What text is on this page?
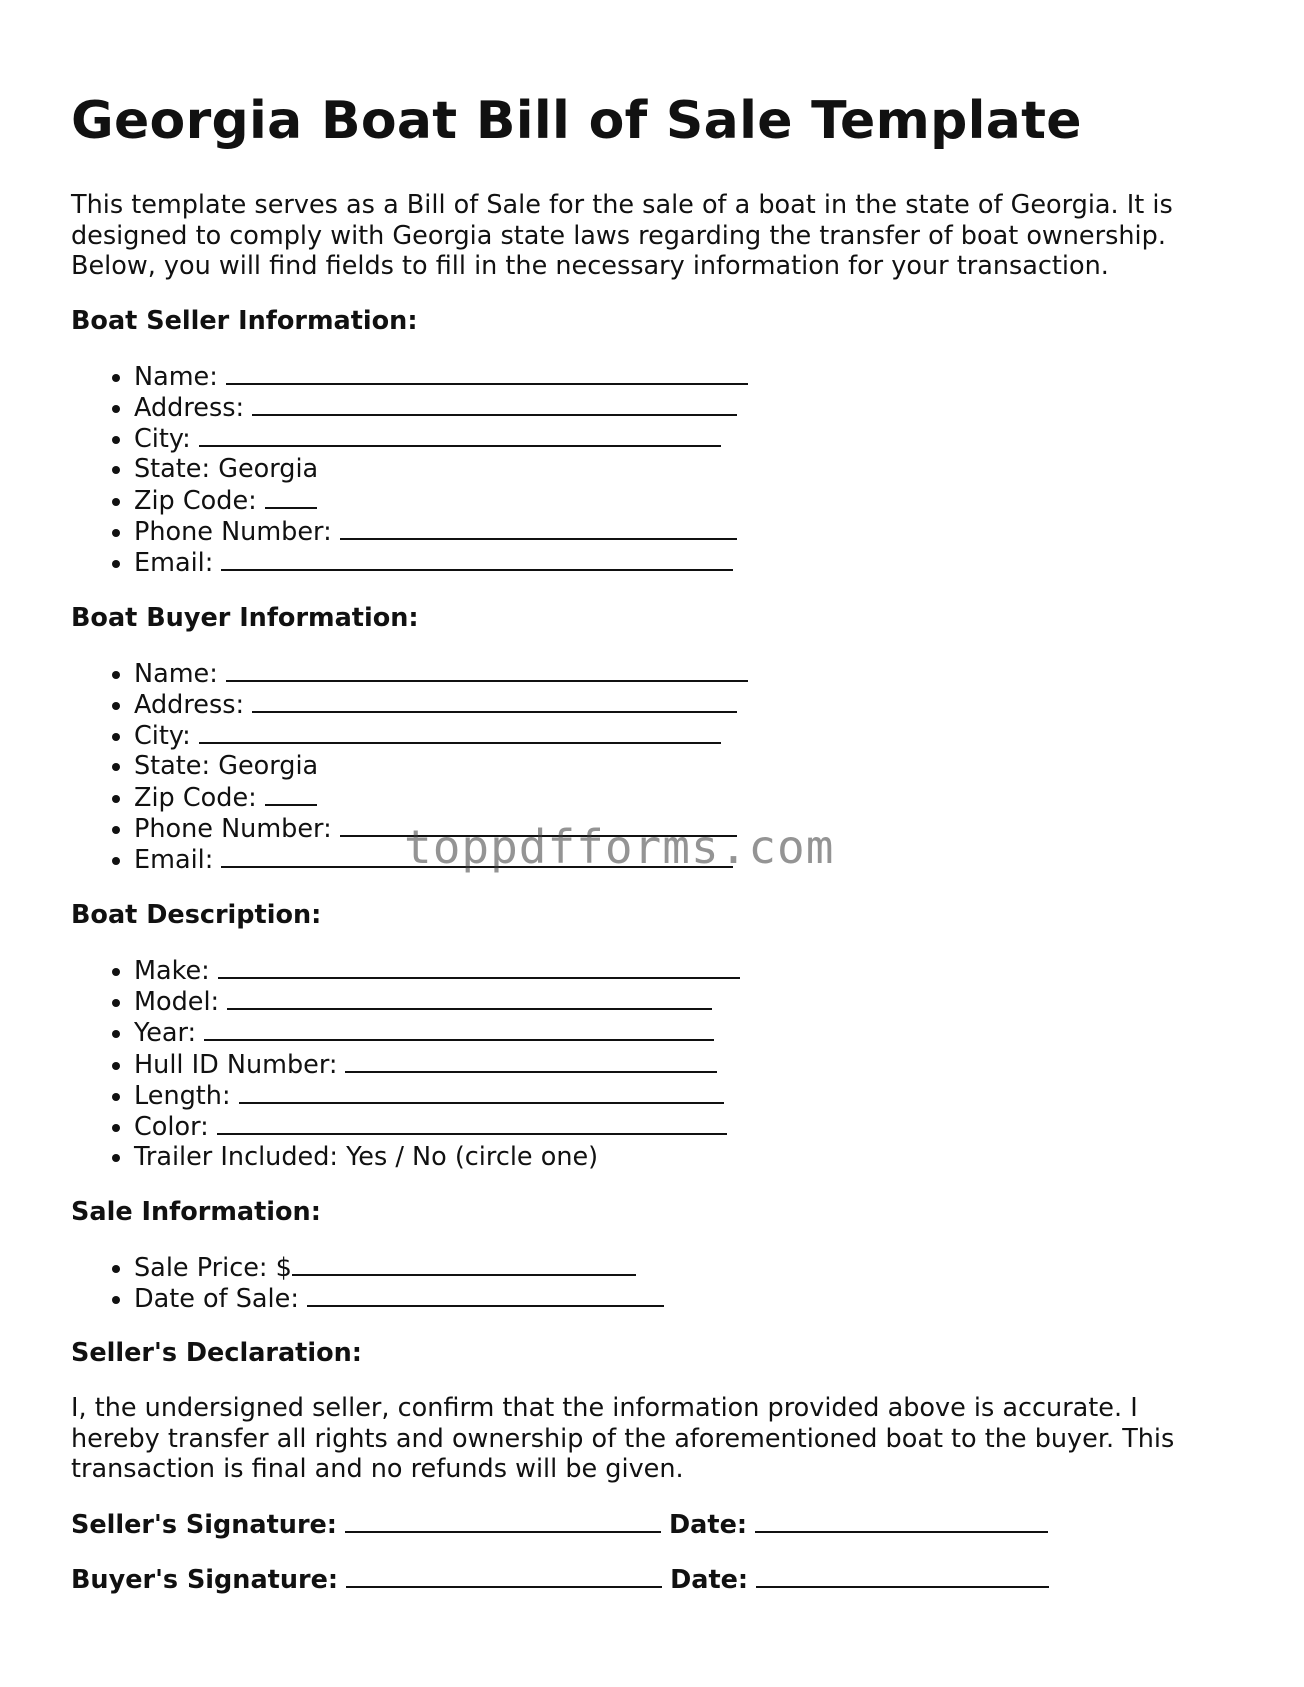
Georgia Boat Bill of Sale Template

This template serves as a Bill of Sale for the sale of a boat in the state of Georgia. It is designed to comply with Georgia state laws regarding the transfer of boat ownership. Below, you will find fields to fill in the necessary information for your transaction.

Boat Seller Information:
• Name:
• Address:
• City:
• State: Georgia
• Zip Code:
• Phone Number:
• Email:
Boat Buyer Information:
• Name:
• Address:
• City:
• State: Georgia
• Zip Code:
• Phone Number:
• Email:
Boat Description:
• Make:
• Model:
• Year:
• Hull ID Number:
• Length:
• Color:
• Trailer Included: Yes / No (circle one)
Sale Information:
• Sale Price: $
• Date of Sale:
Seller's Declaration:

I, the undersigned seller, confirm that the information provided above is accurate. I hereby transfer all rights and ownership of the aforementioned boat to the buyer. This transaction is final and no refunds will be given.

Seller's Signature:	Date:
Buyer's Signature:	Date:
toppdfforms.com
